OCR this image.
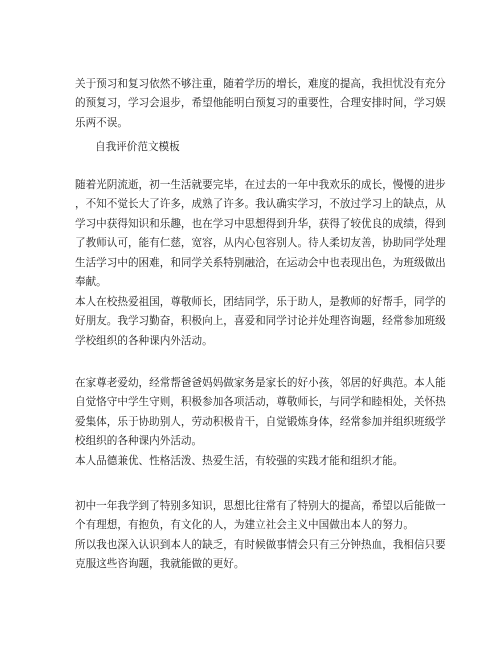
关于预习和复习依然不够注重，随着学历的增长，难度的提高，我担忧没有充分
的预复习，学习会退步，希望他能明白预复习的重要性，合理安排时间，学习娱
乐两不误。

自我评价范文模板

随着光阴流逝，初一生活就要完毕，在过去的一年中我欢乐的成长，慢慢的进步
，不知不觉长大了许多，成熟了许多。我认确实学习，不放过学习上的缺点，从
学习中获得知识和乐趣，也在学习中思想得到升华，获得了较优良的成绩，得到
了教师认可，能有仁慈，宽容，从内心包容别人。待人柔切友善，协助同学处理
生活学习中的困难，和同学关系特别融洽，在运动会中也表现出色，为班级做出
奉献。

本人在校热爱祖国，尊敬师长，团结同学，乐于助人，是教师的好帮手，同学的
好朋友。我学习勤奋，积极向上，喜爱和同学讨论并处理咨询题，经常参加班级
学校组织的各种课内外活动。

在家尊老爱幼，经常帮爸爸妈妈做家务是家长的好小孩，邻居的好典范。本人能
自觉恪守中学生守则，积极参加各项活动，尊敬师长，与同学和睦相处，关怀热
爱集体，乐于协助别人，劳动积极肯干，自觉锻炼身体，经常参加并组织班级学
校组织的各种课内外活动。
本人品德兼优、性格活泼、热爱生活，有较强的实践才能和组织才能。

初中一年我学到了特别多知识，思想比往常有了特别大的提高，希望以后能做一
个有理想，有抱负，有文化的人，为建立社会主义中国做出本人的努力。
所以我也深入认识到本人的缺乏，有时候做事情会只有三分钟热血，我相信只要
克服这些咨询题，我就能做的更好。
